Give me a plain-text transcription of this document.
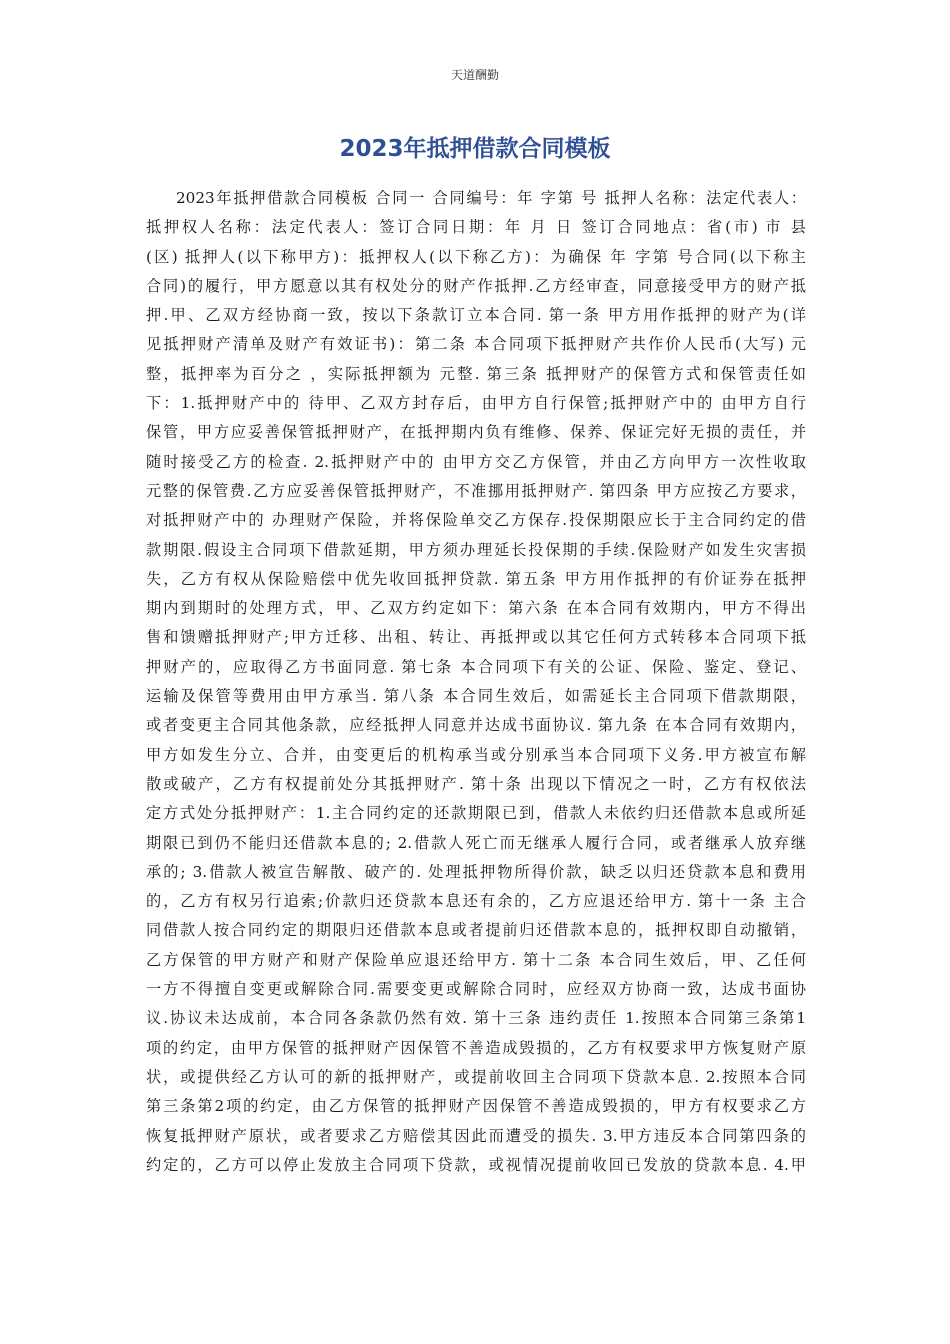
天道酬勤
2023年抵押借款合同模板
2023年抵押借款合同模板 合同一 合同编号：年 字第 号 抵押人名称：法定代表人：
抵押权人名称：法定代表人：签订合同日期：年 月 日 签订合同地点：省(市) 市 县
(区) 抵押人(以下称甲方)：抵押权人(以下称乙方)：为确保 年 字第 号合同(以下称主
合同)的履行，甲方愿意以其有权处分的财产作抵押.乙方经审查，同意接受甲方的财产抵
押.甲、乙双方经协商一致，按以下条款订立本合同. 第一条 甲方用作抵押的财产为(详
见抵押财产清单及财产有效证书)：第二条 本合同项下抵押财产共作价人民币(大写) 元
整，抵押率为百分之 ，实际抵押额为 元整. 第三条 抵押财产的保管方式和保管责任如
下：1.抵押财产中的 待甲、乙双方封存后，由甲方自行保管;抵押财产中的 由甲方自行
保管，甲方应妥善保管抵押财产，在抵押期内负有维修、保养、保证完好无损的责任，并
随时接受乙方的检查. 2.抵押财产中的 由甲方交乙方保管，并由乙方向甲方一次性收取
元整的保管费.乙方应妥善保管抵押财产，不准挪用抵押财产. 第四条 甲方应按乙方要求，
对抵押财产中的 办理财产保险，并将保险单交乙方保存.投保期限应长于主合同约定的借
款期限.假设主合同项下借款延期，甲方须办理延长投保期的手续.保险财产如发生灾害损
失，乙方有权从保险赔偿中优先收回抵押贷款. 第五条 甲方用作抵押的有价证券在抵押
期内到期时的处理方式，甲、乙双方约定如下：第六条 在本合同有效期内，甲方不得出
售和馈赠抵押财产;甲方迁移、出租、转让、再抵押或以其它任何方式转移本合同项下抵
押财产的，应取得乙方书面同意. 第七条 本合同项下有关的公证、保险、鉴定、登记、
运输及保管等费用由甲方承当. 第八条 本合同生效后，如需延长主合同项下借款期限，
或者变更主合同其他条款，应经抵押人同意并达成书面协议. 第九条 在本合同有效期内，
甲方如发生分立、合并，由变更后的机构承当或分别承当本合同项下义务.甲方被宣布解
散或破产，乙方有权提前处分其抵押财产. 第十条 出现以下情况之一时，乙方有权依法
定方式处分抵押财产：1.主合同约定的还款期限已到，借款人未依约归还借款本息或所延
期限已到仍不能归还借款本息的; 2.借款人死亡而无继承人履行合同，或者继承人放弃继
承的; 3.借款人被宣告解散、破产的. 处理抵押物所得价款，缺乏以归还贷款本息和费用
的，乙方有权另行追索;价款归还贷款本息还有余的，乙方应退还给甲方. 第十一条 主合
同借款人按合同约定的期限归还借款本息或者提前归还借款本息的，抵押权即自动撤销，
乙方保管的甲方财产和财产保险单应退还给甲方. 第十二条 本合同生效后，甲、乙任何
一方不得擅自变更或解除合同.需要变更或解除合同时，应经双方协商一致，达成书面协
议.协议未达成前，本合同各条款仍然有效. 第十三条 违约责任 1.按照本合同第三条第1
项的约定，由甲方保管的抵押财产因保管不善造成毁损的，乙方有权要求甲方恢复财产原
状，或提供经乙方认可的新的抵押财产，或提前收回主合同项下贷款本息. 2.按照本合同
第三条第2项的约定，由乙方保管的抵押财产因保管不善造成毁损的，甲方有权要求乙方
恢复抵押财产原状，或者要求乙方赔偿其因此而遭受的损失. 3.甲方违反本合同第四条的
约定的，乙方可以停止发放主合同项下贷款，或视情况提前收回已发放的贷款本息. 4.甲
